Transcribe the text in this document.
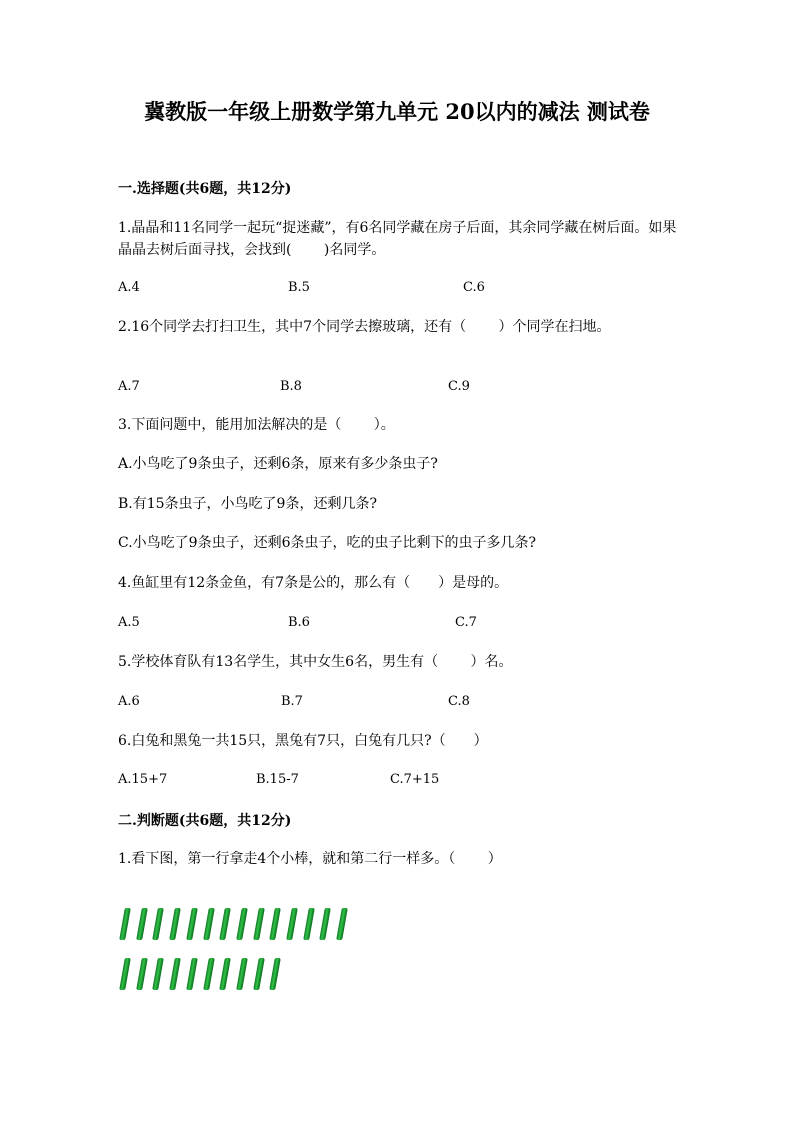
冀教版一年级上册数学第九单元 20以内的减法 测试卷
一.选择题(共6题，共12分)

1.晶晶和11名同学一起玩“捉迷藏”，有6名同学藏在房子后面，其余同学藏在树后面。如果晶晶去树后面寻找，会找到(　　 )名同学。

A.4	B.5	C.6

2.16个同学去打扫卫生，其中7个同学去擦玻璃，还有（　　 ）个同学在扫地。

A.7	B.8	C.9

3.下面问题中，能用加法解决的是（　　 ）。

A.小鸟吃了9条虫子，还剩6条，原来有多少条虫子?

B.有15条虫子，小鸟吃了9条，还剩几条?

C.小鸟吃了9条虫子，还剩6条虫子，吃的虫子比剩下的虫子多几条?

4.鱼缸里有12条金鱼，有7条是公的，那么有（　　）是母的。

A.5	B.6	C.7

5.学校体育队有13名学生，其中女生6名，男生有（　　 ）名。

A.6	B.7	C.8

6.白兔和黑兔一共15只，黑兔有7只，白兔有几只?（　　）

A.15+7	B.15-7	C.7+15
二.判断题(共6题，共12分)

1.看下图，第一行拿走4个小棒，就和第二行一样多。（　　 ）
